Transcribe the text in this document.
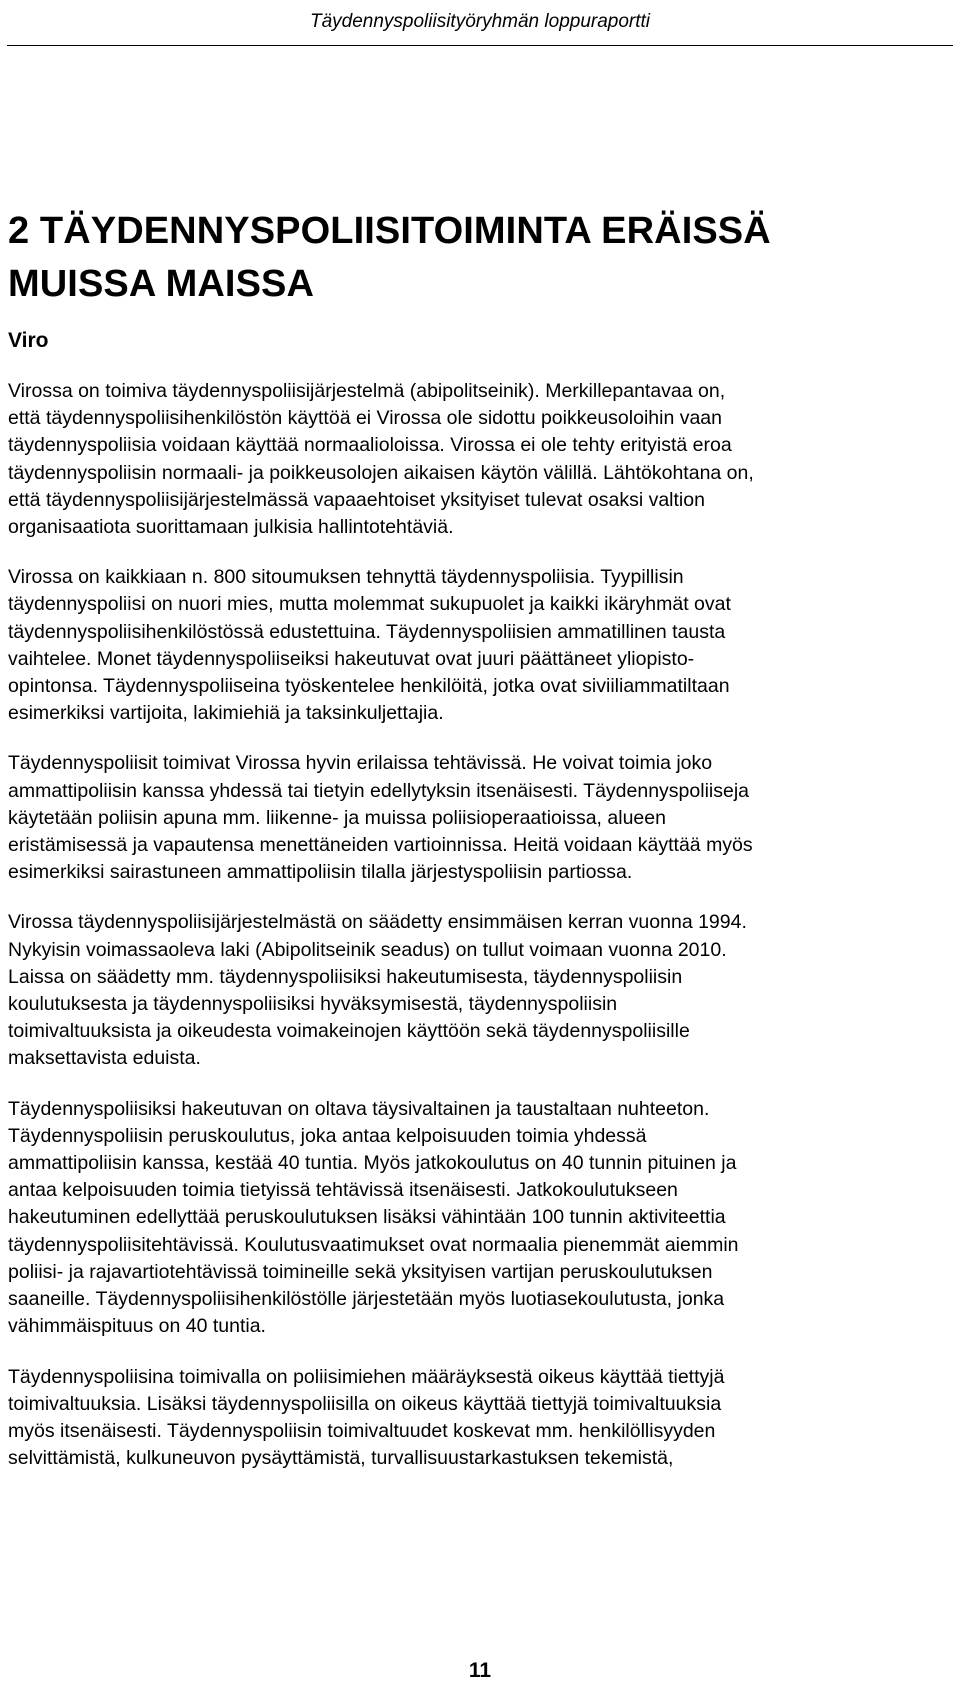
Täydennyspoliisityöryhmän loppuraportti
2 TÄYDENNYSPOLIISITOIMINTA ERÄISSÄ
MUISSA MAISSA
Viro

Virossa on toimiva täydennyspoliisijärjestelmä (abipolitseinik). Merkillepantavaa on,
että täydennyspoliisihenkilöstön käyttöä ei Virossa ole sidottu poikkeusoloihin vaan
täydennyspoliisia voidaan käyttää normaalioloissa. Virossa ei ole tehty erityistä eroa
täydennyspoliisin normaali- ja poikkeusolojen aikaisen käytön välillä. Lähtökohtana on,
että täydennyspoliisijärjestelmässä vapaaehtoiset yksityiset tulevat osaksi valtion
organisaatiota suorittamaan julkisia hallintotehtäviä.

Virossa on kaikkiaan n. 800 sitoumuksen tehnyttä täydennyspoliisia. Tyypillisin
täydennyspoliisi on nuori mies, mutta molemmat sukupuolet ja kaikki ikäryhmät ovat
täydennyspoliisihenkilöstössä edustettuina. Täydennyspoliisien ammatillinen tausta
vaihtelee. Monet täydennyspoliiseiksi hakeutuvat ovat juuri päättäneet yliopisto-
opintonsa. Täydennyspoliiseina työskentelee henkilöitä, jotka ovat siviiliammatiltaan
esimerkiksi vartijoita, lakimiehiä ja taksinkuljettajia.

Täydennyspoliisit toimivat Virossa hyvin erilaissa tehtävissä. He voivat toimia joko
ammattipoliisin kanssa yhdessä tai tietyin edellytyksin itsenäisesti. Täydennyspoliiseja
käytetään poliisin apuna mm. liikenne- ja muissa poliisioperaatioissa, alueen
eristämisessä ja vapautensa menettäneiden vartioinnissa. Heitä voidaan käyttää myös
esimerkiksi sairastuneen ammattipoliisin tilalla järjestyspoliisin partiossa.

Virossa täydennyspoliisijärjestelmästä on säädetty ensimmäisen kerran vuonna 1994.
Nykyisin voimassaoleva laki (Abipolitseinik seadus) on tullut voimaan vuonna 2010.
Laissa on säädetty mm. täydennyspoliisiksi hakeutumisesta, täydennyspoliisin
koulutuksesta ja täydennyspoliisiksi hyväksymisestä, täydennyspoliisin
toimivaltuuksista ja oikeudesta voimakeinojen käyttöön sekä täydennyspoliisille
maksettavista eduista.

Täydennyspoliisiksi hakeutuvan on oltava täysivaltainen ja taustaltaan nuhteeton.
Täydennyspoliisin peruskoulutus, joka antaa kelpoisuuden toimia yhdessä
ammattipoliisin kanssa, kestää 40 tuntia. Myös jatkokoulutus on 40 tunnin pituinen ja
antaa kelpoisuuden toimia tietyissä tehtävissä itsenäisesti. Jatkokoulutukseen
hakeutuminen edellyttää peruskoulutuksen lisäksi vähintään 100 tunnin aktiviteettia
täydennyspoliisitehtävissä. Koulutusvaatimukset ovat normaalia pienemmät aiemmin
poliisi- ja rajavartiotehtävissä toimineille sekä yksityisen vartijan peruskoulutuksen
saaneille. Täydennyspoliisihenkilöstölle järjestetään myös luotiasekoulutusta, jonka
vähimmäispituus on 40 tuntia.

Täydennyspoliisina toimivalla on poliisimiehen määräyksestä oikeus käyttää tiettyjä
toimivaltuuksia. Lisäksi täydennyspoliisilla on oikeus käyttää tiettyjä toimivaltuuksia
myös itsenäisesti. Täydennyspoliisin toimivaltuudet koskevat mm. henkilöllisyyden
selvittämistä, kulkuneuvon pysäyttämistä, turvallisuustarkastuksen tekemistä,

11
